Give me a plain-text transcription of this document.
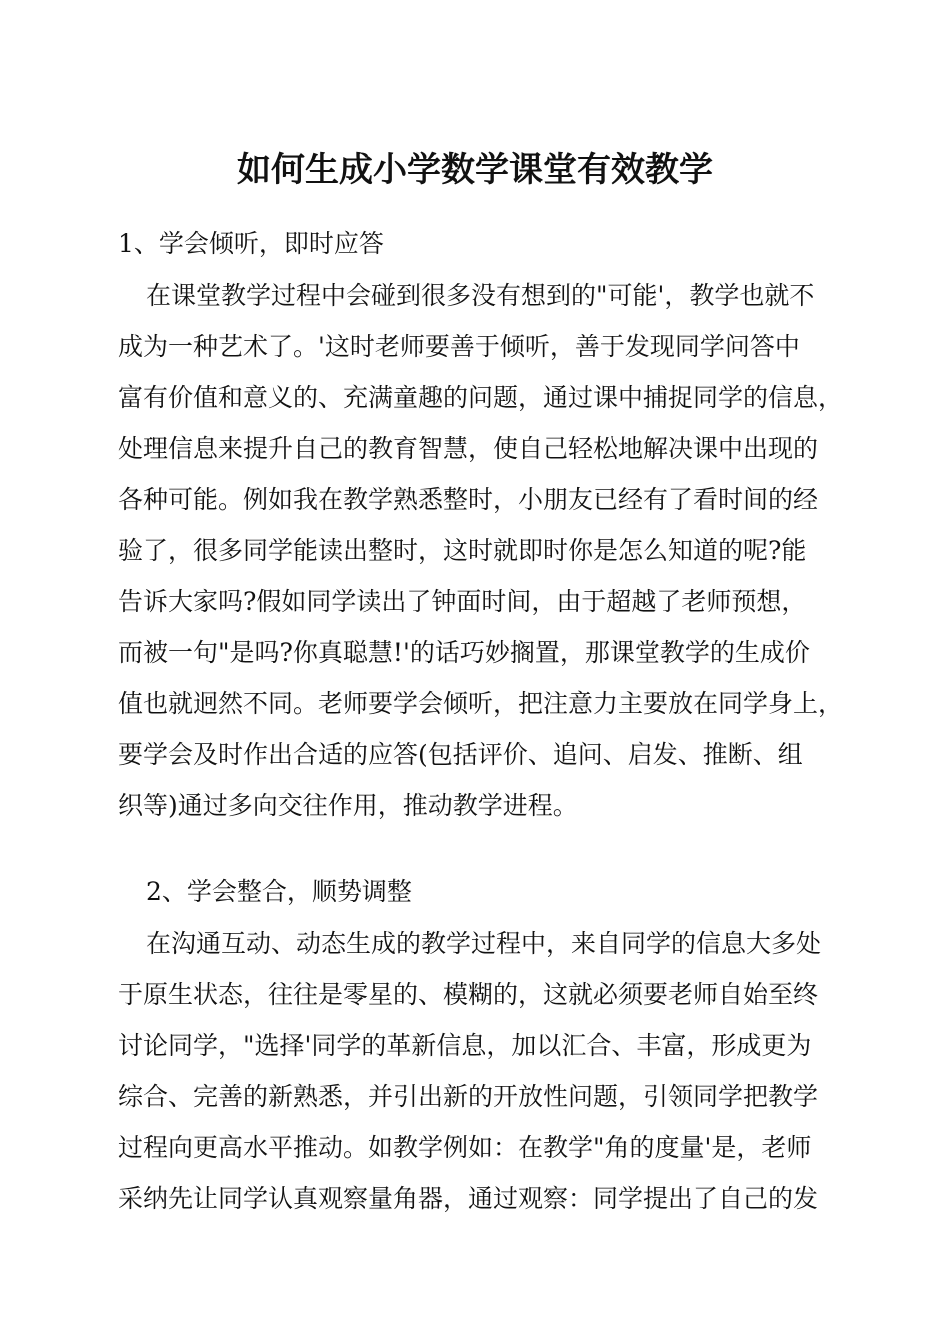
如何生成小学数学课堂有效教学
1、学会倾听，即时应答
在课堂教学过程中会碰到很多没有想到的"可能'，教学也就不
成为一种艺术了。'这时老师要善于倾听，善于发现同学问答中
富有价值和意义的、充满童趣的问题，通过课中捕捉同学的信息，
处理信息来提升自己的教育智慧，使自己轻松地解决课中出现的
各种可能。例如我在教学熟悉整时，小朋友已经有了看时间的经
验了，很多同学能读出整时，这时就即时你是怎么知道的呢?能
告诉大家吗?假如同学读出了钟面时间，由于超越了老师预想，
而被一句"是吗?你真聪慧!'的话巧妙搁置，那课堂教学的生成价
值也就迥然不同。老师要学会倾听，把注意力主要放在同学身上，
要学会及时作出合适的应答(包括评价、追问、启发、推断、组
织等)通过多向交往作用，推动教学进程。
2、学会整合，顺势调整
在沟通互动、动态生成的教学过程中，来自同学的信息大多处
于原生状态，往往是零星的、模糊的，这就必须要老师自始至终
讨论同学，"选择'同学的革新信息，加以汇合、丰富，形成更为
综合、完善的新熟悉，并引出新的开放性问题，引领同学把教学
过程向更高水平推动。如教学例如：在教学"角的度量'是，老师
采纳先让同学认真观察量角器，通过观察：同学提出了自己的发
